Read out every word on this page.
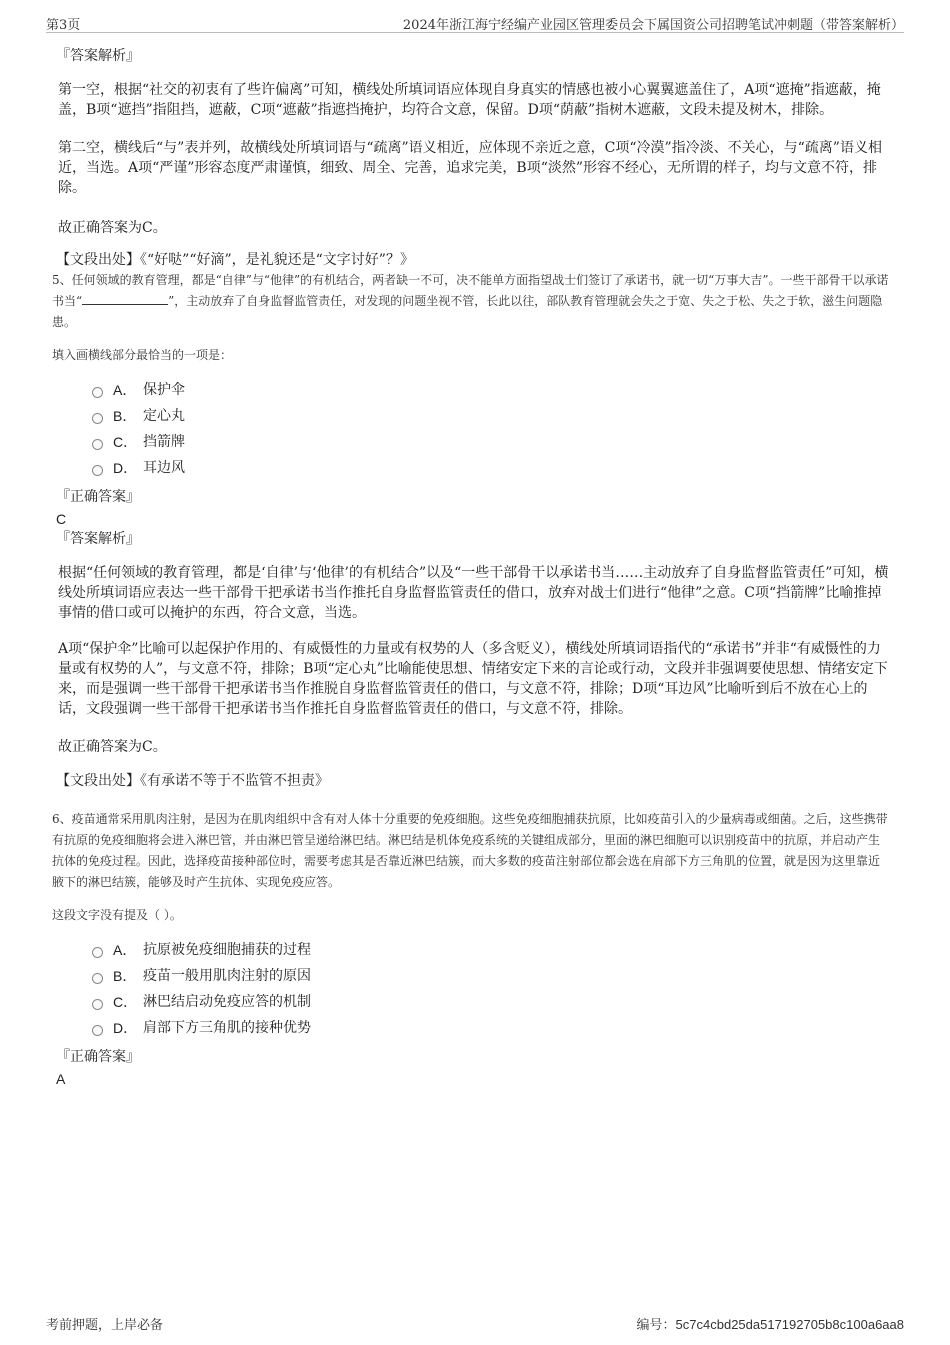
第3页	2024年浙江海宁经编产业园区管理委员会下属国资公司招聘笔试冲刺题（带答案解析）

『答案解析』

第一空，根据“社交的初衷有了些许偏离”可知，横线处所填词语应体现自身真实的情感也被小心翼翼遮盖住了，A项“遮掩”指遮蔽，掩盖，B项“遮挡”指阻挡，遮蔽，C项“遮蔽”指遮挡掩护，均符合文意，保留。D项“荫蔽”指树木遮蔽，文段未提及树木，排除。

第二空，横线后“与”表并列，故横线处所填词语与“疏离”语义相近，应体现不亲近之意，C项“冷漠”指冷淡、不关心，与“疏离”语义相近，当选。A项“严谨”形容态度严肃谨慎，细致、周全、完善，追求完美，B项“淡然”形容不经心，无所谓的样子，均与文意不符，排除。

故正确答案为C。

【文段出处】《“好哒”“好滴”，是礼貌还是“文字讨好”？》

5、任何领域的教育管理，都是“自律”与“他律”的有机结合，两者缺一不可，决不能单方面指望战士们签订了承诺书，就一切“万事大吉”。一些干部骨干以承诺书当“	”，主动放弃了自身监督监管责任，对发现的问题坐视不管，长此以往，部队教育管理就会失之于宽、失之于松、失之于软，滋生问题隐患。

填入画横线部分最恰当的一项是：

A． 保护伞
B． 定心丸
C． 挡箭牌
D． 耳边风

『正确答案』

C

『答案解析』

根据“任何领域的教育管理，都是‘自律’与‘他律’的有机结合”以及“一些干部骨干以承诺书当……主动放弃了自身监督监管责任”可知，横线处所填词语应表达一些干部骨干把承诺书当作推托自身监督监管责任的借口，放弃对战士们进行“他律”之意。C项“挡箭牌”比喻推掉事情的借口或可以掩护的东西，符合文意，当选。

A项“保护伞”比喻可以起保护作用的、有威慑性的力量或有权势的人（多含贬义），横线处所填词语指代的“承诺书”并非“有威慑性的力量或有权势的人”，与文意不符，排除；B项“定心丸”比喻能使思想、情绪安定下来的言论或行动，文段并非强调要使思想、情绪安定下来，而是强调一些干部骨干把承诺书当作推脱自身监督监管责任的借口，与文意不符，排除；D项“耳边风”比喻听到后不放在心上的话，文段强调一些干部骨干把承诺书当作推托自身监督监管责任的借口，与文意不符，排除。

故正确答案为C。

【文段出处】《有承诺不等于不监管不担责》

6、疫苗通常采用肌肉注射，是因为在肌肉组织中含有对人体十分重要的免疫细胞。这些免疫细胞捕获抗原，比如疫苗引入的少量病毒或细菌。之后，这些携带有抗原的免疫细胞将会进入淋巴管，并由淋巴管呈递给淋巴结。淋巴结是机体免疫系统的关键组成部分，里面的淋巴细胞可以识别疫苗中的抗原，并启动产生抗体的免疫过程。因此，选择疫苗接种部位时，需要考虑其是否靠近淋巴结簇，而大多数的疫苗注射部位都会选在肩部下方三角肌的位置，就是因为这里靠近腋下的淋巴结簇，能够及时产生抗体、实现免疫应答。

这段文字没有提及（ ）。

A． 抗原被免疫细胞捕获的过程
B． 疫苗一般用肌肉注射的原因
C． 淋巴结启动免疫应答的机制
D． 肩部下方三角肌的接种优势

『正确答案』

A

考前押题，上岸必备	编号：5c7c4cbd25da517192705b8c100a6aa8
